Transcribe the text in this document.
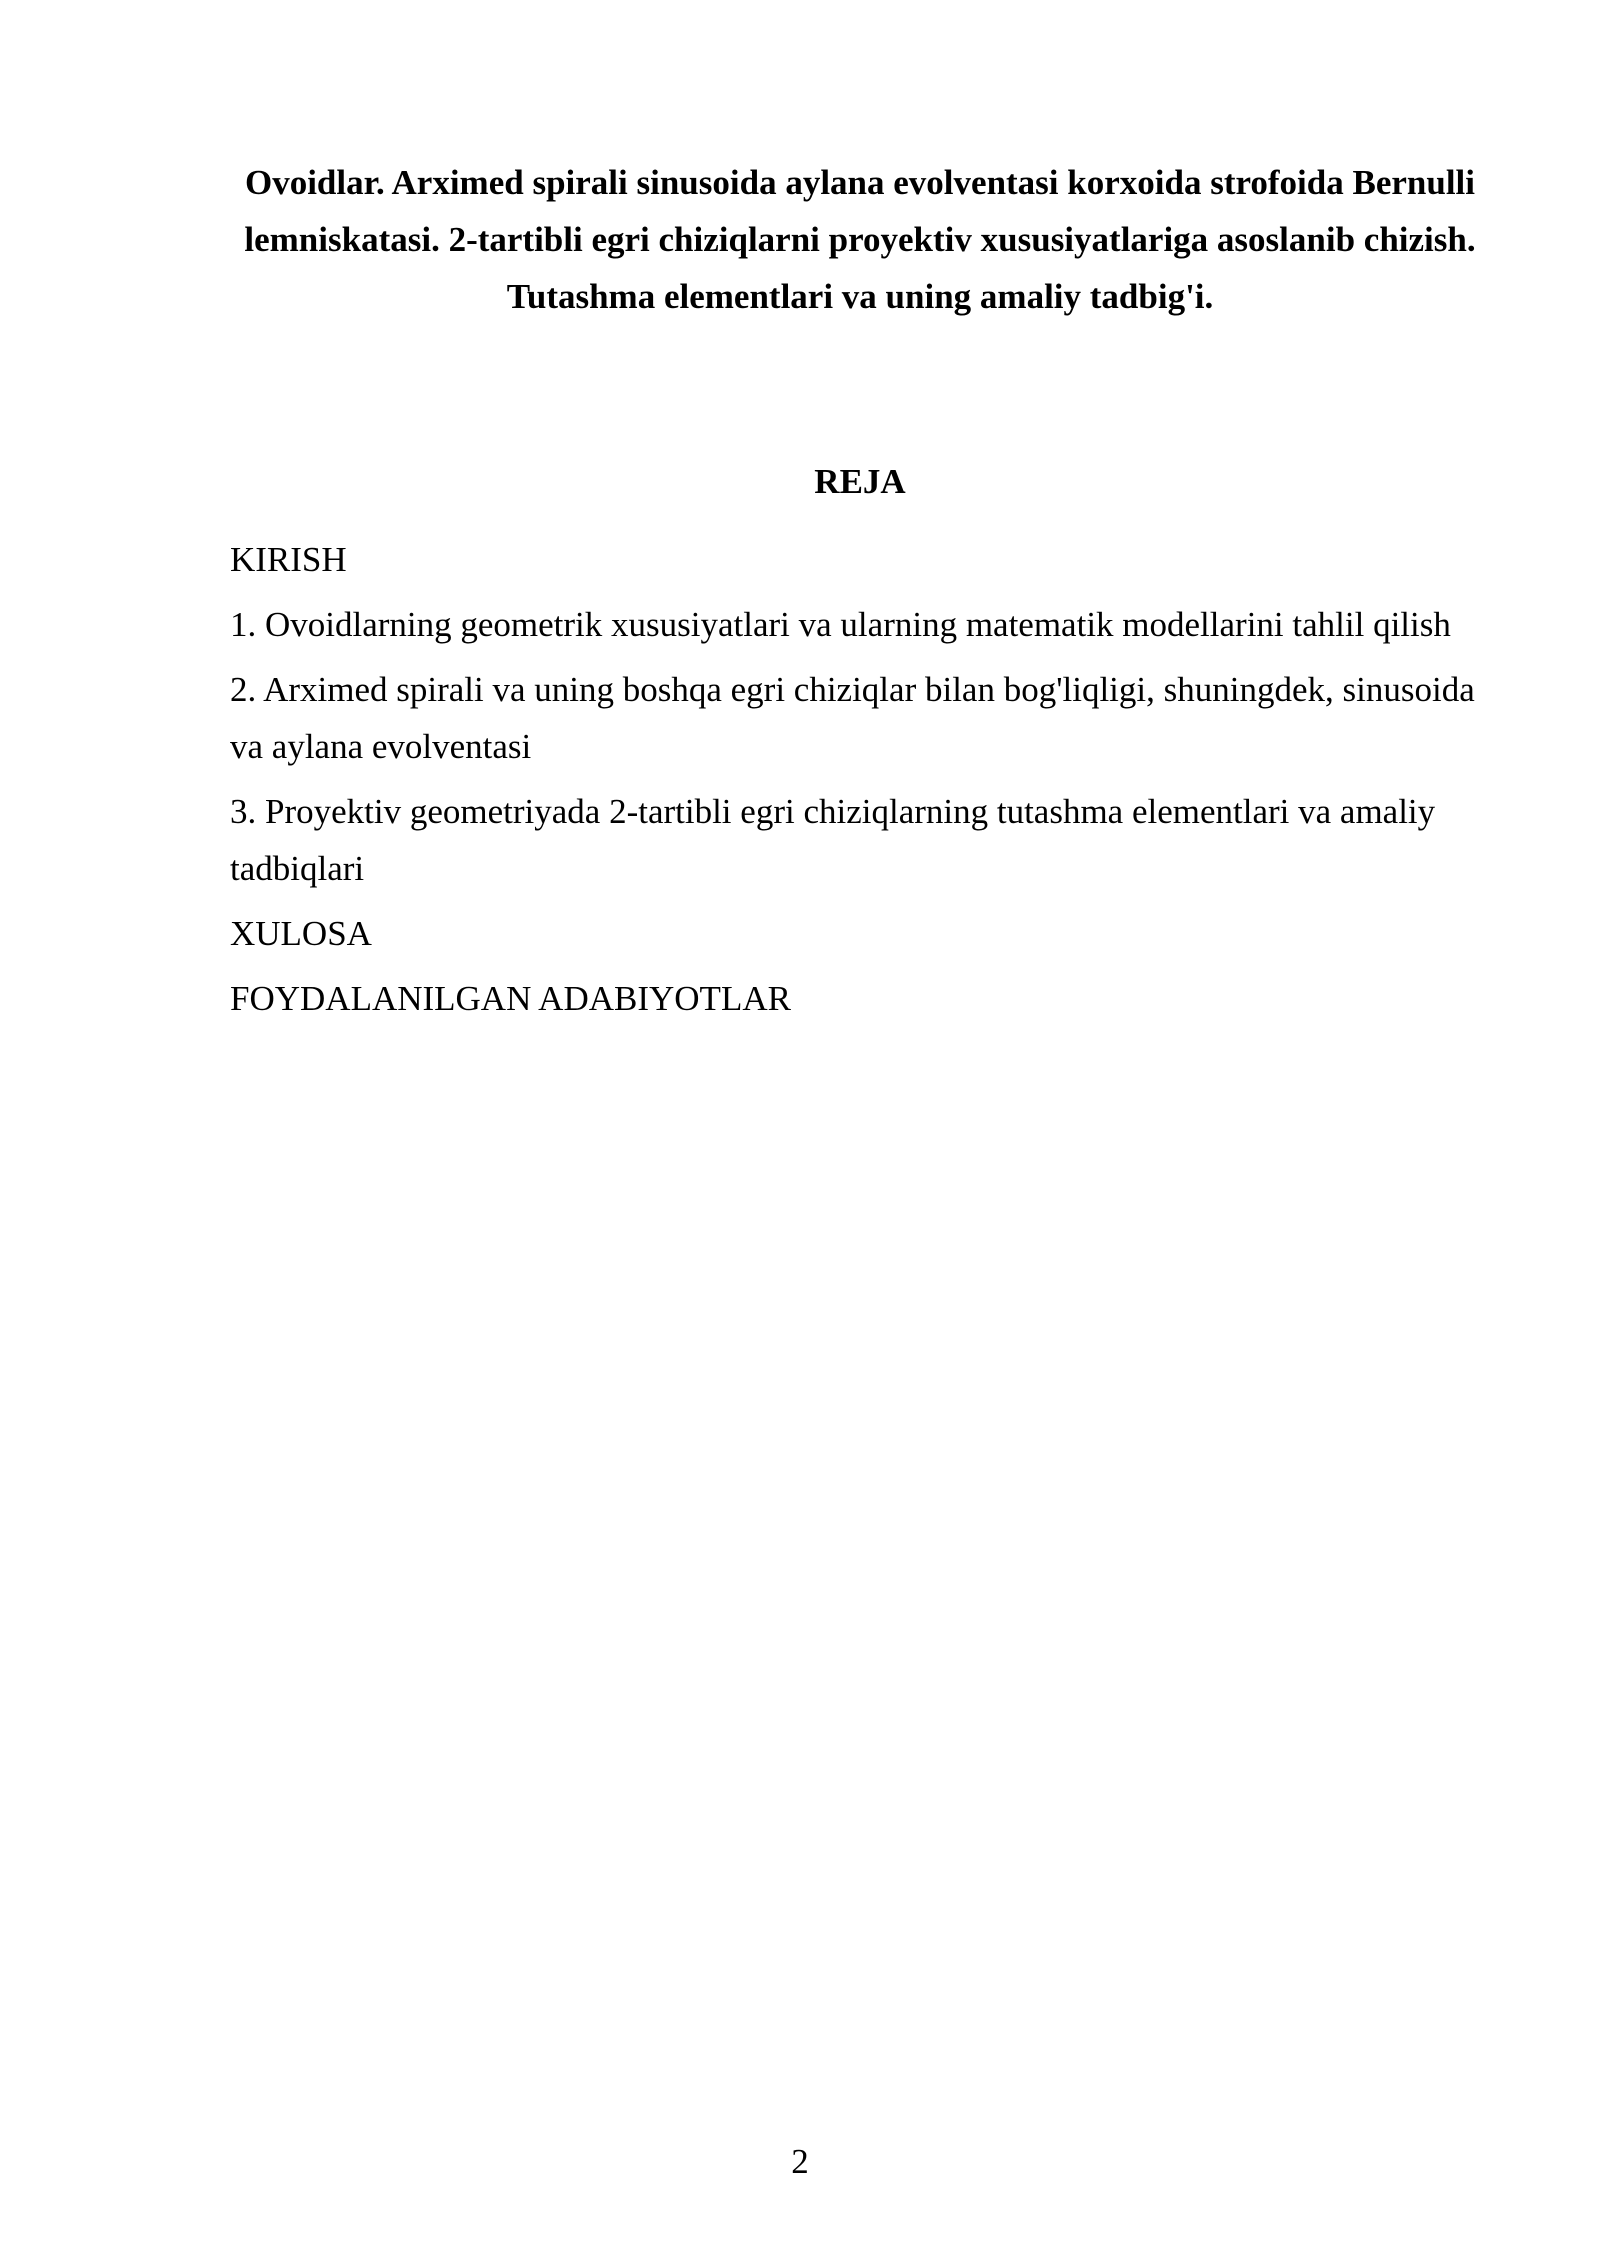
Ovoidlar. Arximed spirali sinusoida aylana evolventasi korxoida strofoida Bernulli lemniskatasi. 2-tartibli egri chiziqlarni proyektiv xususiyatlariga asoslanib chizish. Tutashma elementlari va uning amaliy tadbig'i.
REJA
KIRISH
1. Ovoidlarning geometrik xususiyatlari va ularning matematik modellarini tahlil qilish
2. Arximed spirali va uning boshqa egri chiziqlar bilan bog'liqligi, shuningdek, sinusoida va aylana evolventasi
3. Proyektiv geometriyada 2-tartibli egri chiziqlarning tutashma elementlari va amaliy tadbiqlari
XULOSA
FOYDALANILGAN ADABIYOTLAR

2
